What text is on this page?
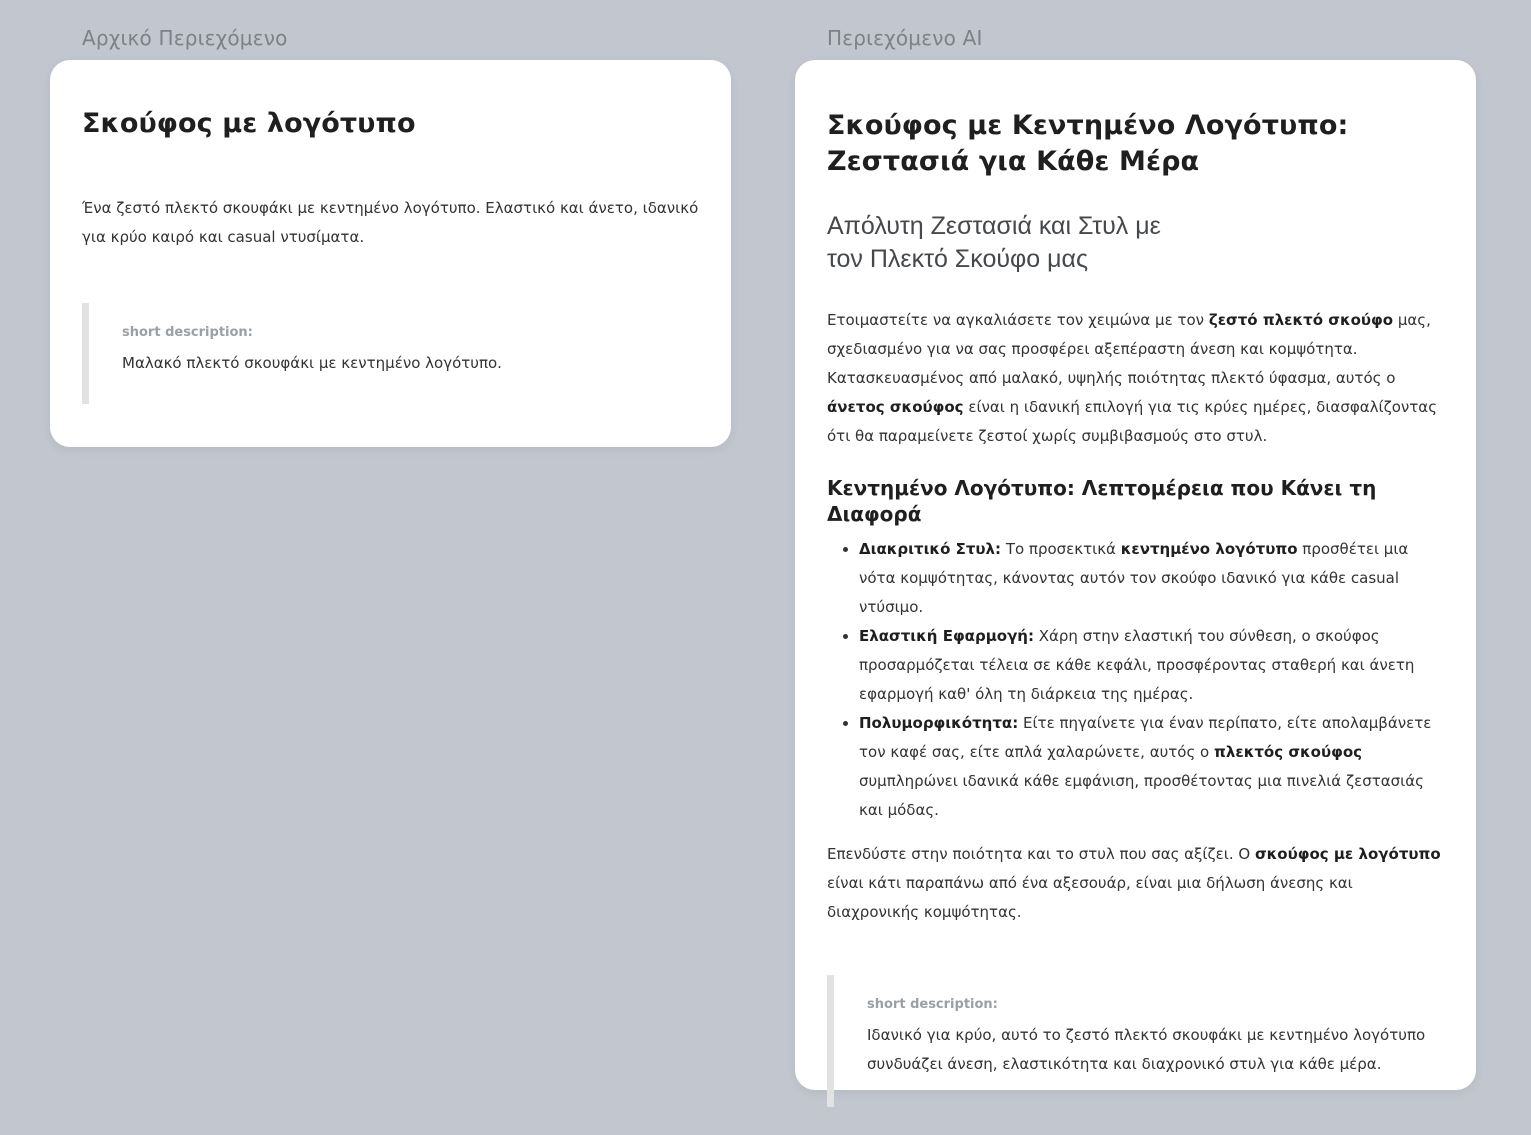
Αρχικό Περιεχόμενο	Περιεχόμενο AI
Σκούφος με λογότυπο

Ένα ζεστό πλεκτό σκουφάκι με κεντημένο λογότυπο. Ελαστικό και άνετο, ιδανικό για κρύο καιρό και casual ντυσίματα.

short description:
Μαλακό πλεκτό σκουφάκι με κεντημένο λογότυπο.
Σκούφος με Κεντημένο Λογότυπο: Ζεστασιά για Κάθε Μέρα
Απόλυτη Ζεστασιά και Στυλ με τον Πλεκτό Σκούφο μας

Ετοιμαστείτε να αγκαλιάσετε τον χειμώνα με τον ζεστό πλεκτό σκούφο μας, σχεδιασμένο για να σας προσφέρει αξεπέραστη άνεση και κομψότητα. Κατασκευασμένος από μαλακό, υψηλής ποιότητας πλεκτό ύφασμα, αυτός ο άνετος σκούφος είναι η ιδανική επιλογή για τις κρύες ημέρες, διασφαλίζοντας ότι θα παραμείνετε ζεστοί χωρίς συμβιβασμούς στο στυλ.

Κεντημένο Λογότυπο: Λεπτομέρεια που Κάνει τη Διαφορά
• Διακριτικό Στυλ: Το προσεκτικά κεντημένο λογότυπο προσθέτει μια νότα κομψότητας, κάνοντας αυτόν τον σκούφο ιδανικό για κάθε casual ντύσιμο.
• Ελαστική Εφαρμογή: Χάρη στην ελαστική του σύνθεση, ο σκούφος προσαρμόζεται τέλεια σε κάθε κεφάλι, προσφέροντας σταθερή και άνετη εφαρμογή καθ' όλη τη διάρκεια της ημέρας.
• Πολυμορφικότητα: Είτε πηγαίνετε για έναν περίπατο, είτε απολαμβάνετε τον καφέ σας, είτε απλά χαλαρώνετε, αυτός ο πλεκτός σκούφος συμπληρώνει ιδανικά κάθε εμφάνιση, προσθέτοντας μια πινελιά ζεστασιάς και μόδας.

Επενδύστε στην ποιότητα και το στυλ που σας αξίζει. Ο σκούφος με λογότυπο είναι κάτι παραπάνω από ένα αξεσουάρ, είναι μια δήλωση άνεσης και διαχρονικής κομψότητας.

short description:
Ιδανικό για κρύο, αυτό το ζεστό πλεκτό σκουφάκι με κεντημένο λογότυπο συνδυάζει άνεση, ελαστικότητα και διαχρονικό στυλ για κάθε μέρα.
